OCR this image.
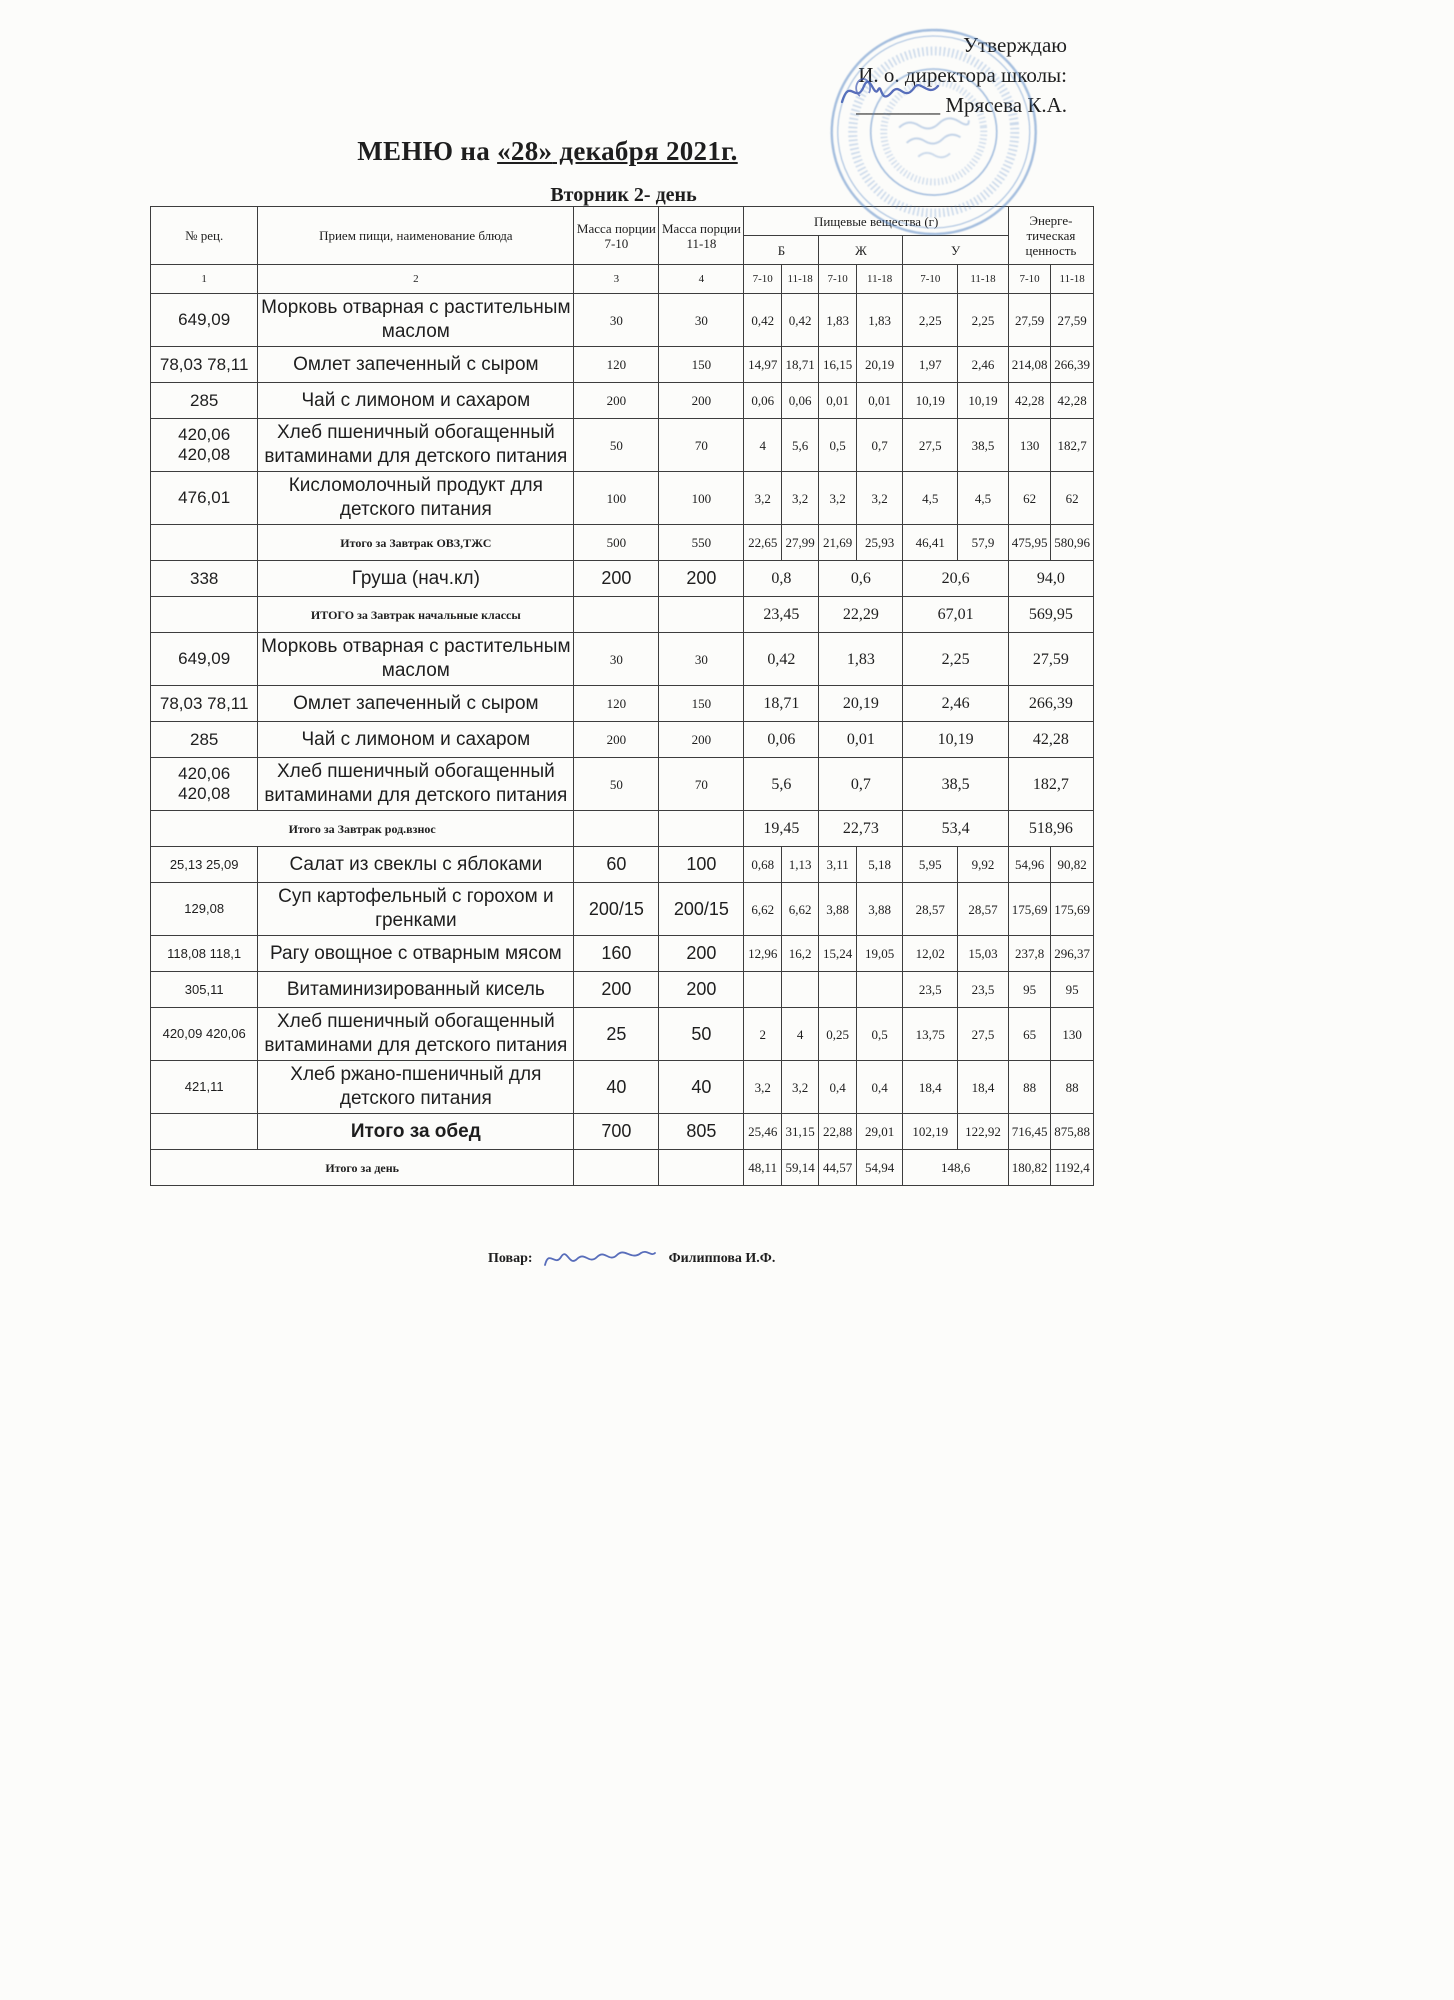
Утверждаю
И. о. директора школы:
________ Мрясева К.А.
МЕНЮ на «28» декабря 2021г.
Вторник 2- день
№ рец.	Прием пищи, наименование блюда	Масса порции 7-10	Масса порции 11-18	Пищевые вещества (г)						Энерге-тическая ценность	
				Б		Ж		У			
1	2	3	4	7-10	11-18	7-10	11-18	7-10	11-18	7-10	11-18
649,09	Морковь отварная с растительным маслом	30	30	0,42	0,42	1,83	1,83	2,25	2,25	27,59	27,59
78,03 78,11	Омлет запеченный с сыром	120	150	14,97	18,71	16,15	20,19	1,97	2,46	214,08	266,39
285	Чай с лимоном и сахаром	200	200	0,06	0,06	0,01	0,01	10,19	10,19	42,28	42,28
420,06 420,08	Хлеб пшеничный обогащенный витаминами для детского питания	50	70	4	5,6	0,5	0,7	27,5	38,5	130	182,7
476,01	Кисломолочный продукт для детского питания	100	100	3,2	3,2	3,2	3,2	4,5	4,5	62	62
	Итого за Завтрак ОВЗ,ТЖС	500	550	22,65	27,99	21,69	25,93	46,41	57,9	475,95	580,96
338	Груша (нач.кл)	200	200	0,8		0,6		20,6		94,0	
	ИТОГО за Завтрак начальные классы			23,45		22,29		67,01		569,95	
649,09	Морковь отварная с растительным маслом	30	30	0,42		1,83		2,25		27,59	
78,03 78,11	Омлет запеченный с сыром	120	150	18,71		20,19		2,46		266,39	
285	Чай с лимоном и сахаром	200	200	0,06		0,01		10,19		42,28	
420,06 420,08	Хлеб пшеничный обогащенный витаминами для детского питания	50	70	5,6		0,7		38,5		182,7	
Итого за Завтрак род.взнос				19,45		22,73		53,4		518,96	
25,13 25,09	Салат из свеклы с яблоками	60	100	0,68	1,13	3,11	5,18	5,95	9,92	54,96	90,82
129,08	Суп картофельный с горохом и гренками	200/15	200/15	6,62	6,62	3,88	3,88	28,57	28,57	175,69	175,69
118,08 118,1	Рагу овощное с отварным мясом	160	200	12,96	16,2	15,24	19,05	12,02	15,03	237,8	296,37
305,11	Витаминизированный кисель	200	200					23,5	23,5	95	95
420,09 420,06	Хлеб пшеничный обогащенный витаминами для детского питания	25	50	2	4	0,25	0,5	13,75	27,5	65	130
421,11	Хлеб ржано-пшеничный для детского питания	40	40	3,2	3,2	0,4	0,4	18,4	18,4	88	88
	Итого за обед	700	805	25,46	31,15	22,88	29,01	102,19	122,92	716,45	875,88
Итого за день				48,11	59,14	44,57	54,94	148,6		180,82	1192,4
Повар:	Филиппова И.Ф.
